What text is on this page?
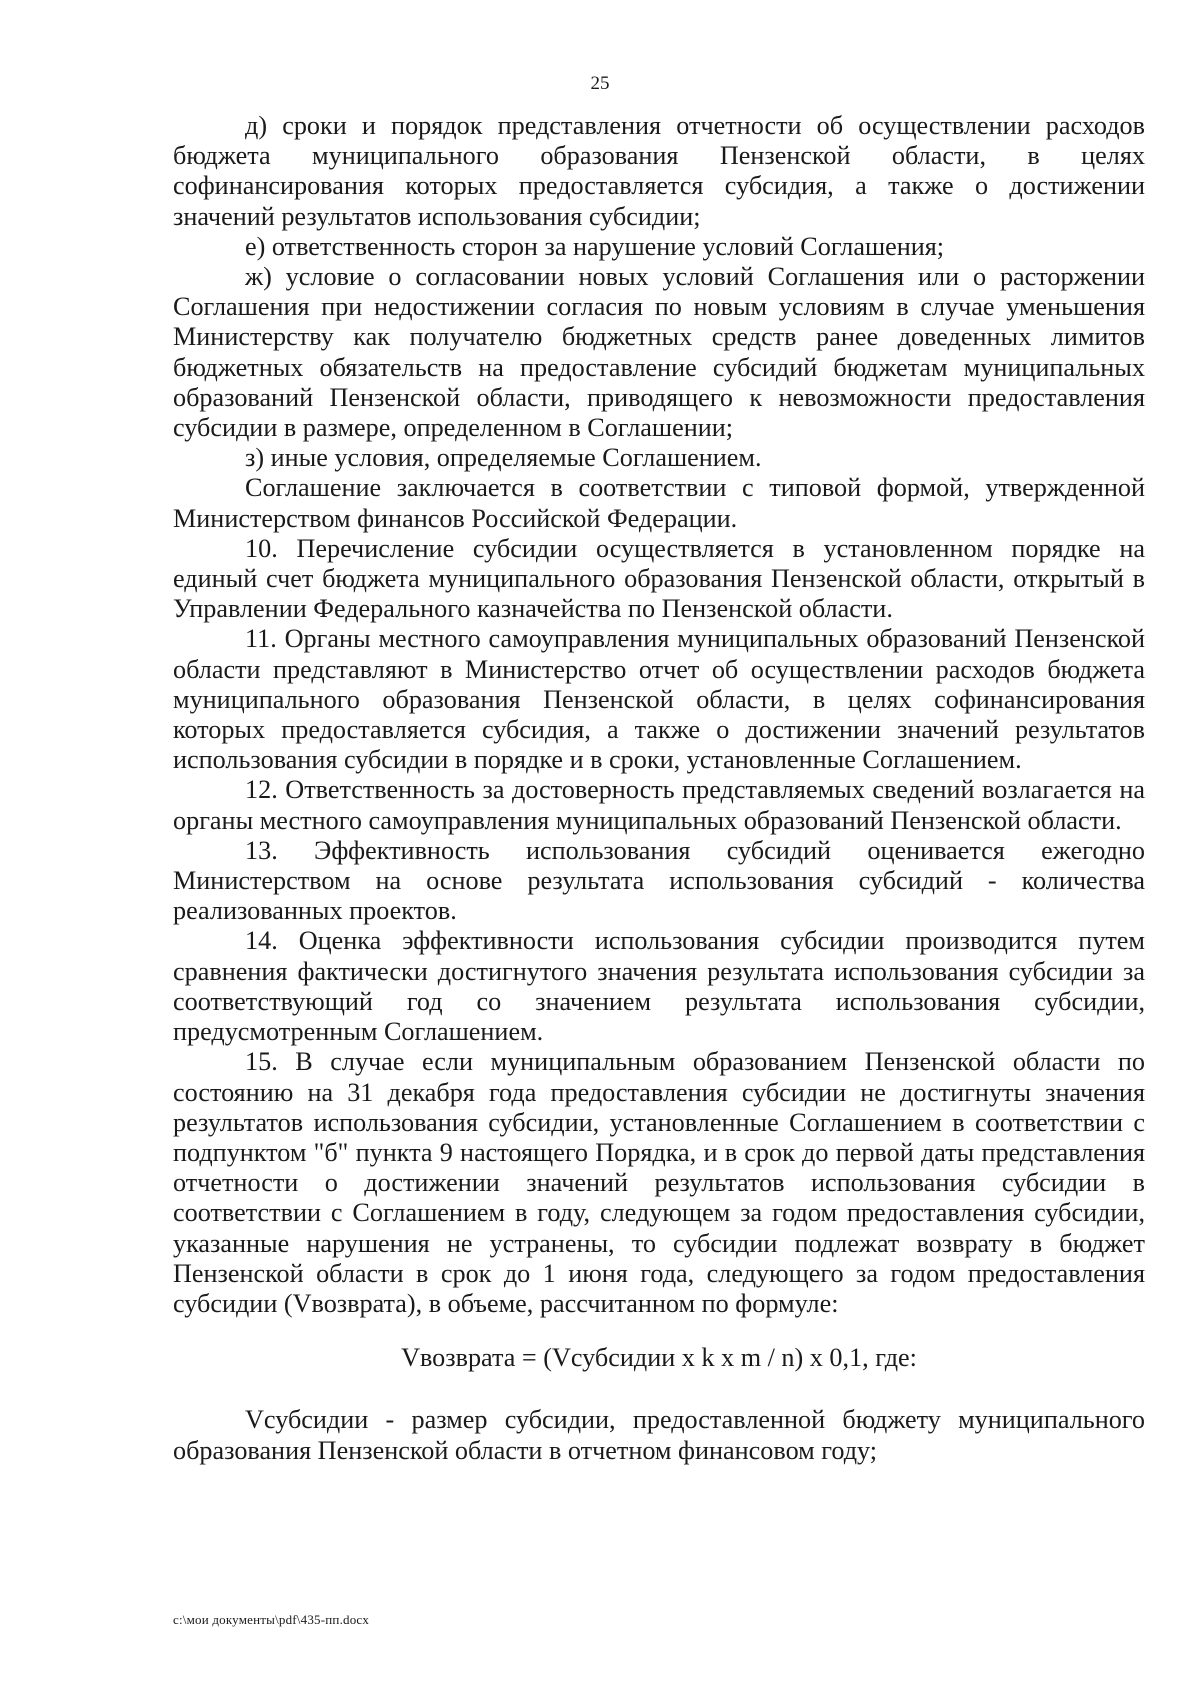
25

д) сроки и порядок представления отчетности об осуществлении расходов бюджета муниципального образования Пензенской области, в целях софинансирования которых предоставляется субсидия, а также о достижении значений результатов использования субсидии;

е) ответственность сторон за нарушение условий Соглашения;

ж) условие о согласовании новых условий Соглашения или о расторжении Соглашения при недостижении согласия по новым условиям в случае уменьшения Министерству как получателю бюджетных средств ранее доведенных лимитов бюджетных обязательств на предоставление субсидий бюджетам муниципальных образований Пензенской области, приводящего к невозможности предоставления субсидии в размере, определенном в Соглашении;

з) иные условия, определяемые Соглашением.

Соглашение заключается в соответствии с типовой формой, утвержденной Министерством финансов Российской Федерации.

10. Перечисление субсидии осуществляется в установленном порядке на единый счет бюджета муниципального образования Пензенской области, открытый в Управлении Федерального казначейства по Пензенской области.

11. Органы местного самоуправления муниципальных образований Пензенской области представляют в Министерство отчет об осуществлении расходов бюджета муниципального образования Пензенской области, в целях софинансирования которых предоставляется субсидия, а также о достижении значений результатов использования субсидии в порядке и в сроки, установленные Соглашением.

12. Ответственность за достоверность представляемых сведений возлагается на органы местного самоуправления муниципальных образований Пензенской области.

13. Эффективность использования субсидий оценивается ежегодно Министерством на основе результата использования субсидий - количества реализованных проектов.

14. Оценка эффективности использования субсидии производится путем сравнения фактически достигнутого значения результата использования субсидии за соответствующий год со значением результата использования субсидии, предусмотренным Соглашением.

15. В случае если муниципальным образованием Пензенской области по состоянию на 31 декабря года предоставления субсидии не достигнуты значения результатов использования субсидии, установленные Соглашением в соответствии с подпунктом "б" пункта 9 настоящего Порядка, и в срок до первой даты представления отчетности о достижении значений результатов использования субсидии в соответствии с Соглашением в году, следующем за годом предоставления субсидии, указанные нарушения не устранены, то субсидии подлежат возврату в бюджет Пензенской области в срок до 1 июня года, следующего за годом предоставления субсидии (Vвозврата), в объеме, рассчитанном по формуле:

Vвозврата = (Vсубсидии x k x m / n) x 0,1, где:

Vсубсидии - размер субсидии, предоставленной бюджету муниципального образования Пензенской области в отчетном финансовом году;

c:\мои документы\pdf\435-пп.docx
